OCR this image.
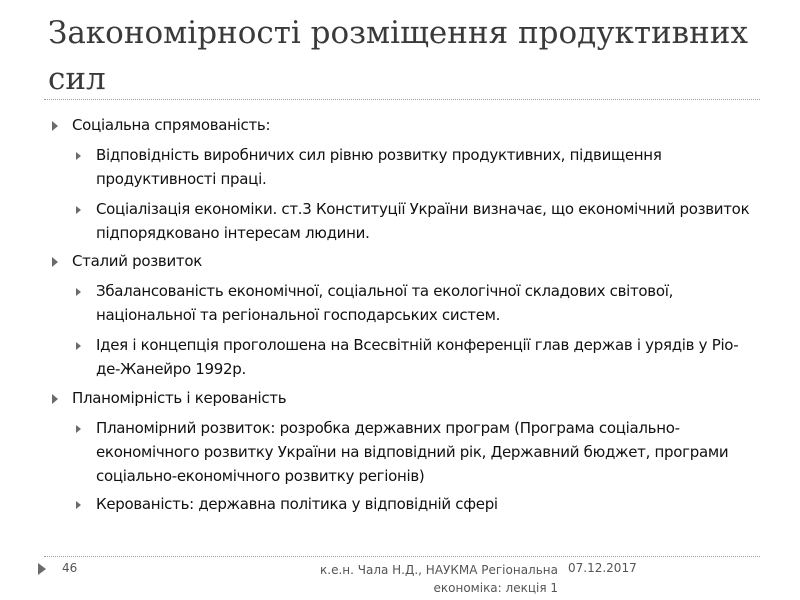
Закономірності розміщення продуктивних сил
Соціальна спрямованість:
Відповідність виробничих сил рівню розвитку продуктивних, підвищення продуктивності праці.
Соціалізація економіки. ст.3 Конституції України визначає, що економічний розвиток підпорядковано інтересам людини.
Сталий розвиток
Збалансованість економічної, соціальної та екологічної складових світової, національної та регіональної господарських систем.
Ідея і концепція проголошена на Всесвітній конференції глав держав і урядів у Ріо-де-Жанейро 1992р.
Планомірність і керованість
Планомірний розвиток: розробка державних програм (Програма соціально-економічного розвитку України на відповідний рік, Державний бюджет, програми соціально-економічного розвитку регіонів)
Керованість: державна політика у відповідній сфері
46	к.е.н. Чала Н.Д., НАУКМА Регіональна економіка: лекція 1
07.12.2017
